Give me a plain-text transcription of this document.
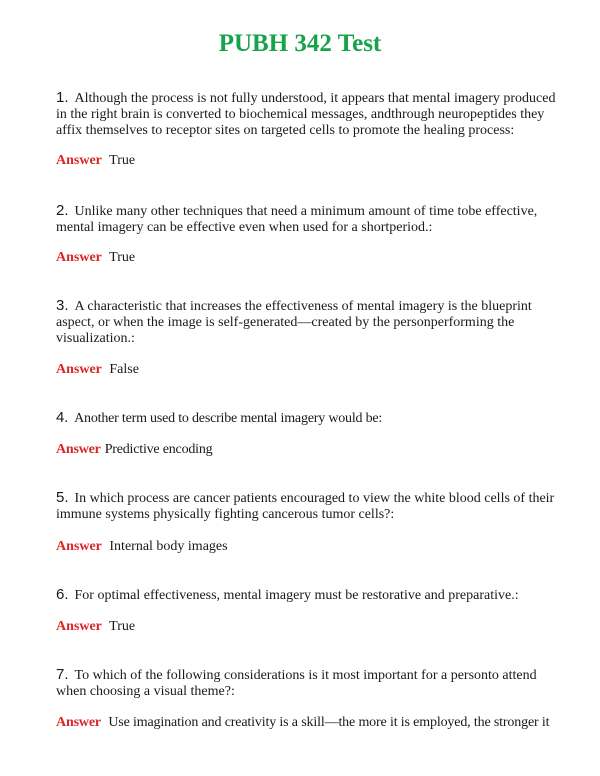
PUBH 342 Test

1. Although the process is not fully understood, it appears that mental imagery produced in the right brain is converted to biochemical messages, andthrough neuropeptides they affix themselves to receptor sites on targeted cells to promote the healing process:

Answer True

2. Unlike many other techniques that need a minimum amount of time tobe effective, mental imagery can be effective even when used for a shortperiod.:

Answer True

3. A characteristic that increases the effectiveness of mental imagery is the blueprint aspect, or when the image is self-generated—created by the personperforming the visualization.:

Answer False

4. Another term used to describe mental imagery would be:

Answer Predictive encoding

5. In which process are cancer patients encouraged to view the white blood cells of their immune systems physically fighting cancerous tumor cells?:

Answer Internal body images

6. For optimal effectiveness, mental imagery must be restorative and preparative.:

Answer True

7. To which of the following considerations is it most important for a personto attend when choosing a visual theme?:

Answer Use imagination and creativity is a skill—the more it is employed, the stronger it
